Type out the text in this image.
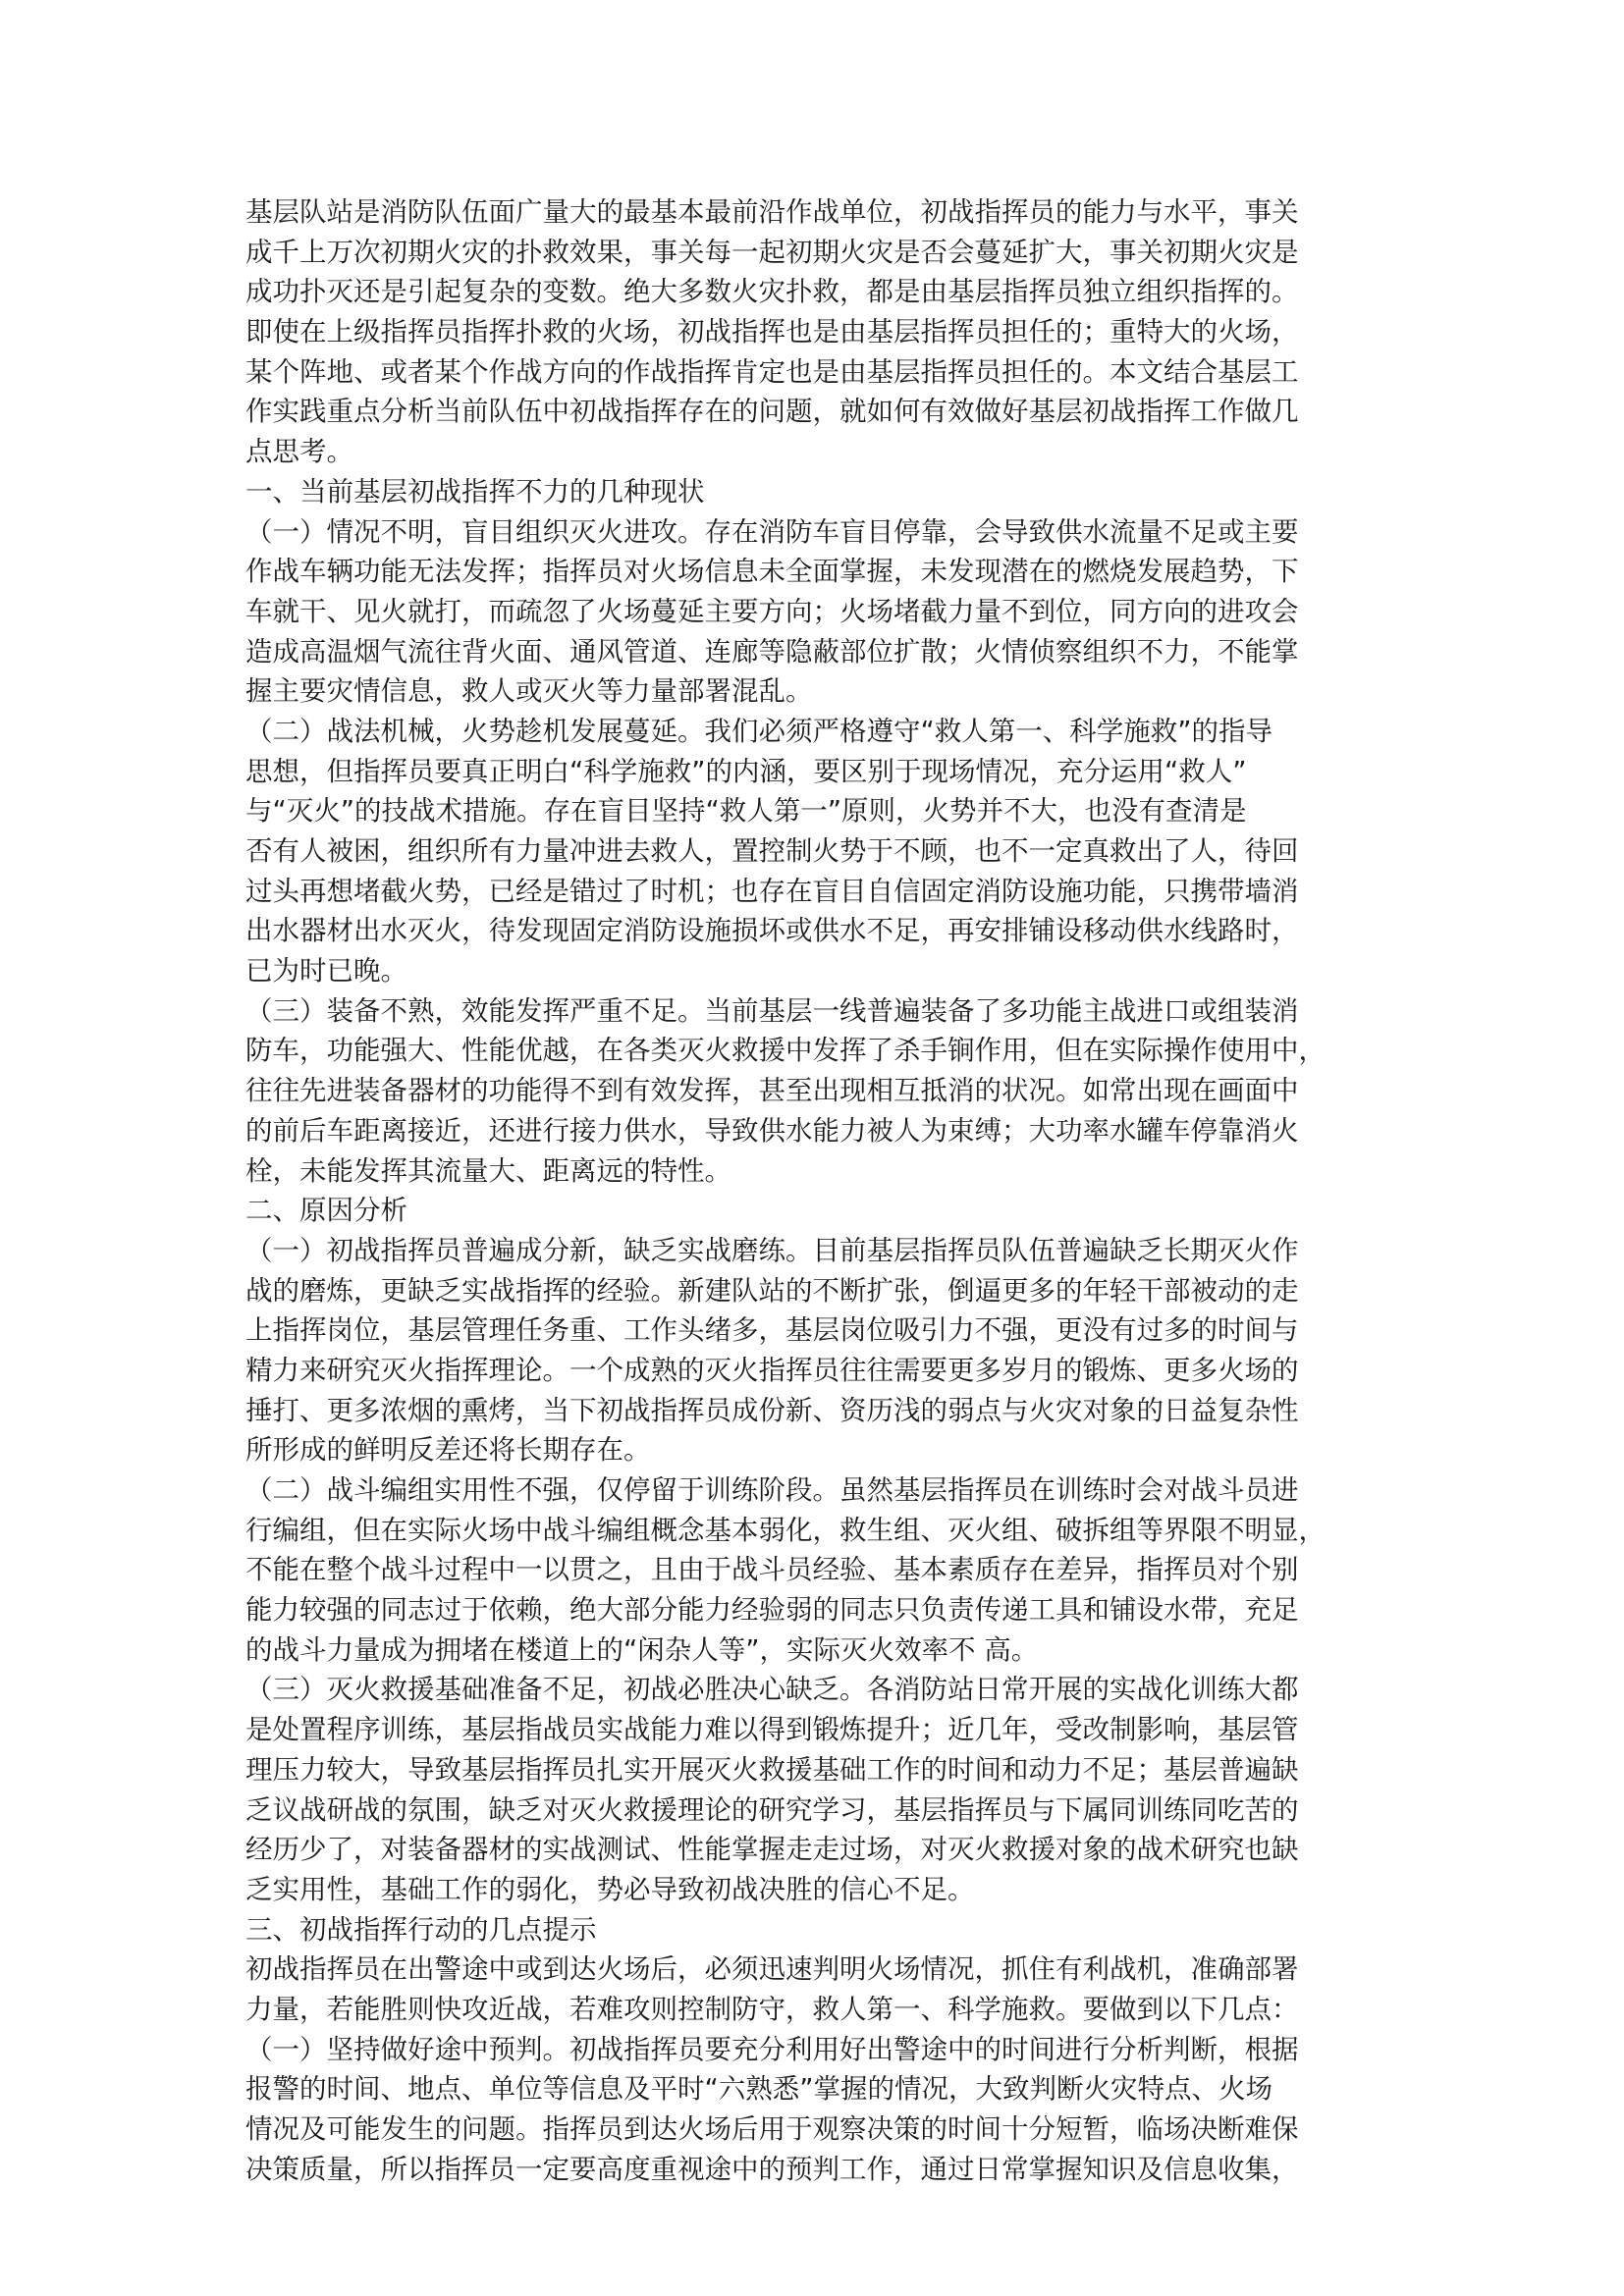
基层队站是消防队伍面广量大的最基本最前沿作战单位，初战指挥员的能力与水平，事关
成千上万次初期火灾的扑救效果，事关每一起初期火灾是否会蔓延扩大，事关初期火灾是
成功扑灭还是引起复杂的变数。绝大多数火灾扑救，都是由基层指挥员独立组织指挥的。
即使在上级指挥员指挥扑救的火场，初战指挥也是由基层指挥员担任的；重特大的火场，
某个阵地、或者某个作战方向的作战指挥肯定也是由基层指挥员担任的。本文结合基层工
作实践重点分析当前队伍中初战指挥存在的问题，就如何有效做好基层初战指挥工作做几
点思考。
一、当前基层初战指挥不力的几种现状
（一）情况不明，盲目组织灭火进攻。存在消防车盲目停靠，会导致供水流量不足或主要
作战车辆功能无法发挥；指挥员对火场信息未全面掌握，未发现潜在的燃烧发展趋势，下
车就干、见火就打，而疏忽了火场蔓延主要方向；火场堵截力量不到位，同方向的进攻会
造成高温烟气流往背火面、通风管道、连廊等隐蔽部位扩散；火情侦察组织不力，不能掌
握主要灾情信息，救人或灭火等力量部署混乱。
（二）战法机械，火势趁机发展蔓延。我们必须严格遵守“救人第一、科学施救”的指导
思想，但指挥员要真正明白“科学施救”的内涵，要区别于现场情况，充分运用“救人”
与“灭火”的技战术措施。存在盲目坚持“救人第一”原则，火势并不大，也没有查清是
否有人被困，组织所有力量冲进去救人，置控制火势于不顾，也不一定真救出了人，待回
过头再想堵截火势，已经是错过了时机；也存在盲目自信固定消防设施功能，只携带墙消
出水器材出水灭火，待发现固定消防设施损坏或供水不足，再安排铺设移动供水线路时，
已为时已晚。
（三）装备不熟，效能发挥严重不足。当前基层一线普遍装备了多功能主战进口或组装消
防车，功能强大、性能优越，在各类灭火救援中发挥了杀手锏作用，但在实际操作使用中，
往往先进装备器材的功能得不到有效发挥，甚至出现相互抵消的状况。如常出现在画面中
的前后车距离接近，还进行接力供水，导致供水能力被人为束缚；大功率水罐车停靠消火
栓，未能发挥其流量大、距离远的特性。
二、原因分析
（一）初战指挥员普遍成分新，缺乏实战磨练。目前基层指挥员队伍普遍缺乏长期灭火作
战的磨炼，更缺乏实战指挥的经验。新建队站的不断扩张，倒逼更多的年轻干部被动的走
上指挥岗位，基层管理任务重、工作头绪多，基层岗位吸引力不强，更没有过多的时间与
精力来研究灭火指挥理论。一个成熟的灭火指挥员往往需要更多岁月的锻炼、更多火场的
捶打、更多浓烟的熏烤，当下初战指挥员成份新、资历浅的弱点与火灾对象的日益复杂性
所形成的鲜明反差还将长期存在。
（二）战斗编组实用性不强，仅停留于训练阶段。虽然基层指挥员在训练时会对战斗员进
行编组，但在实际火场中战斗编组概念基本弱化，救生组、灭火组、破拆组等界限不明显，
不能在整个战斗过程中一以贯之，且由于战斗员经验、基本素质存在差异，指挥员对个别
能力较强的同志过于依赖，绝大部分能力经验弱的同志只负责传递工具和铺设水带，充足
的战斗力量成为拥堵在楼道上的“闲杂人等”，实际灭火效率不 高。
（三）灭火救援基础准备不足，初战必胜决心缺乏。各消防站日常开展的实战化训练大都
是处置程序训练，基层指战员实战能力难以得到锻炼提升；近几年，受改制影响，基层管
理压力较大，导致基层指挥员扎实开展灭火救援基础工作的时间和动力不足；基层普遍缺
乏议战研战的氛围，缺乏对灭火救援理论的研究学习，基层指挥员与下属同训练同吃苦的
经历少了，对装备器材的实战测试、性能掌握走走过场，对灭火救援对象的战术研究也缺
乏实用性，基础工作的弱化，势必导致初战决胜的信心不足。
三、初战指挥行动的几点提示
初战指挥员在出警途中或到达火场后，必须迅速判明火场情况，抓住有利战机，准确部署
力量，若能胜则快攻近战，若难攻则控制防守，救人第一、科学施救。要做到以下几点：
（一）坚持做好途中预判。初战指挥员要充分利用好出警途中的时间进行分析判断，根据
报警的时间、地点、单位等信息及平时“六熟悉”掌握的情况，大致判断火灾特点、火场
情况及可能发生的问题。指挥员到达火场后用于观察决策的时间十分短暂，临场决断难保
决策质量，所以指挥员一定要高度重视途中的预判工作，通过日常掌握知识及信息收集，
